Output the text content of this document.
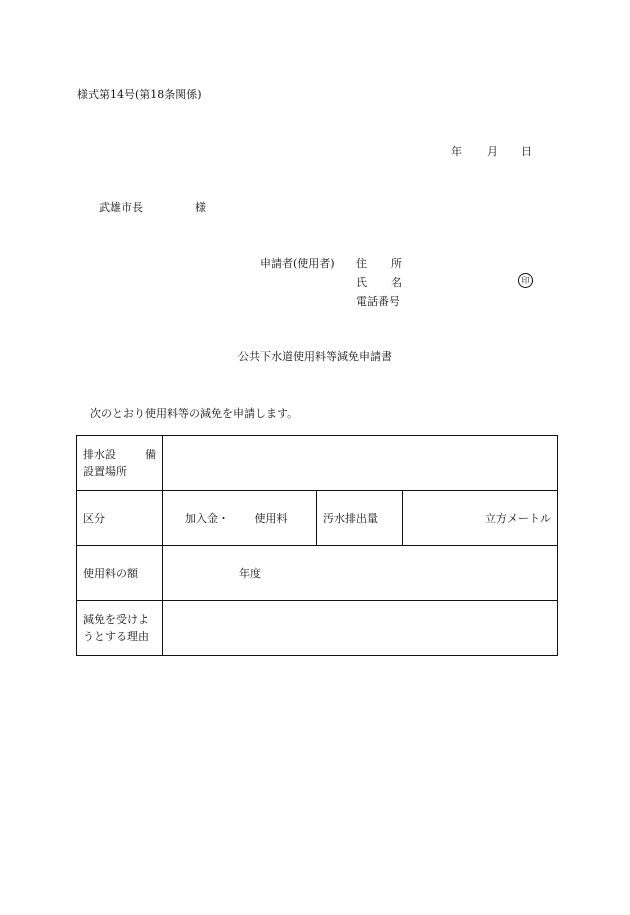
様式第14号(第18条関係)
年 月 日
武雄市長	様
申請者(使用者) 住 所
氏 名
電話番号
印
公共下水道使用料等減免申請書
次のとおり使用料等の減免を申請します。
排水設 備
設置場所			

区分	加入金・ 使用料	汚水排出量	立方メートル
使用料の額	年度		

減免を受けよ
うとする理由			
